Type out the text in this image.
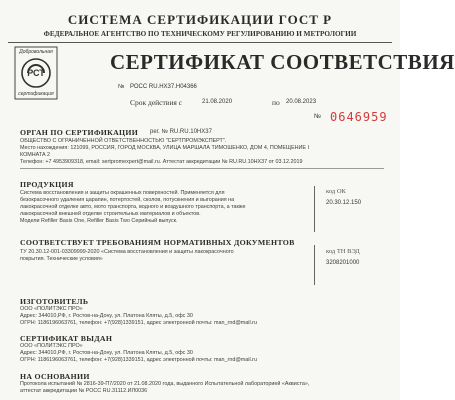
СИСТЕМА СЕРТИФИКАЦИИ ГОСТ Р
ФЕДЕРАЛЬНОЕ АГЕНТСТВО ПО ТЕХНИЧЕСКОМУ РЕГУЛИРОВАНИЮ И МЕТРОЛОГИИ
Добровольная
РСТ
сертификация
СЕРТИФИКАТ СООТВЕТСТВИЯ
№ РОСС RU.HX37.H04366
Срок действия с	21.08.2020	по 20.08.2023
№ 0646959
ОРГАН ПО СЕРТИФИКАЦИИ рег. № RU.RU.10НХ37
ОБЩЕСТВО С ОГРАНИЧЕННОЙ ОТВЕТСТВЕННОСТЬЮ "СЕРТПРОМЭКСПЕРТ".
Место нахождения: 121099, РОССИЯ, ГОРОД МОСКВА, УЛИЦА МАРШАЛА ТИМОШЕНКО, ДОМ 4, ПОМЕЩЕНИЕ I
КОМНАТА 2
Телефон: +7 4953909318, email: sertpromexpert@mail.ru. Аттестат аккредитации № RU.RU.10НХ37 от 03.12.2019
ПРОДУКЦИЯ
Система восстановления и защиты окрашенных поверхностей. Применяется для
безокрасочного удаления царапин, потертостей, сколов, потускнения и выгорания на
лакокрасочной отделке авто, мото транспорта, водного и воздушного транспорта, а также
лакокрасочной внешней отделке строительных материалов и объектов.
Модели Refiller Basis One, Refiller Basis Two Серийный выпуск.
код ОК
20.30.12.150
СООТВЕТСТВУЕТ ТРЕБОВАНИЯМ НОРМАТИВНЫХ ДОКУМЕНТОВ
ТУ 20.30.12-001-03309999-2020 «Система восстановления и защиты лакокрасочного
покрытия. Технические условия»
код ТН ВЭД
3208201000
ИЗГОТОВИТЕЛЬ
ООО «ПОЛИТЭКС ПРО»
Адрес: 344010,РФ, г. Ростов-на-Дону, ул. Платона Кляты, д.5, офс 30
ОГРН: 1186196063761, телефон: +7(928)1339151, адрес электронной почты: man_rnd@mail.ru
СЕРТИФИКАТ ВЫДАН
ООО «ПОЛИТЭКС ПРО»
Адрес: 344010,РФ, г. Ростов-на-Дону, ул. Платона Кляты, д.5, офс 30
ОГРН: 1186196063761, телефон: +7(928)1339151, адрес электронной почты: man_rnd@mail.ru
НА ОСНОВАНИИ
Протокола испытаний № 2816-39-П7/2020 от 21.08.2020 года, выданного Испытательной лабораторией «Аквиста»,
аттестат аккредитации № РОСС RU.31112.ИЛ0036
